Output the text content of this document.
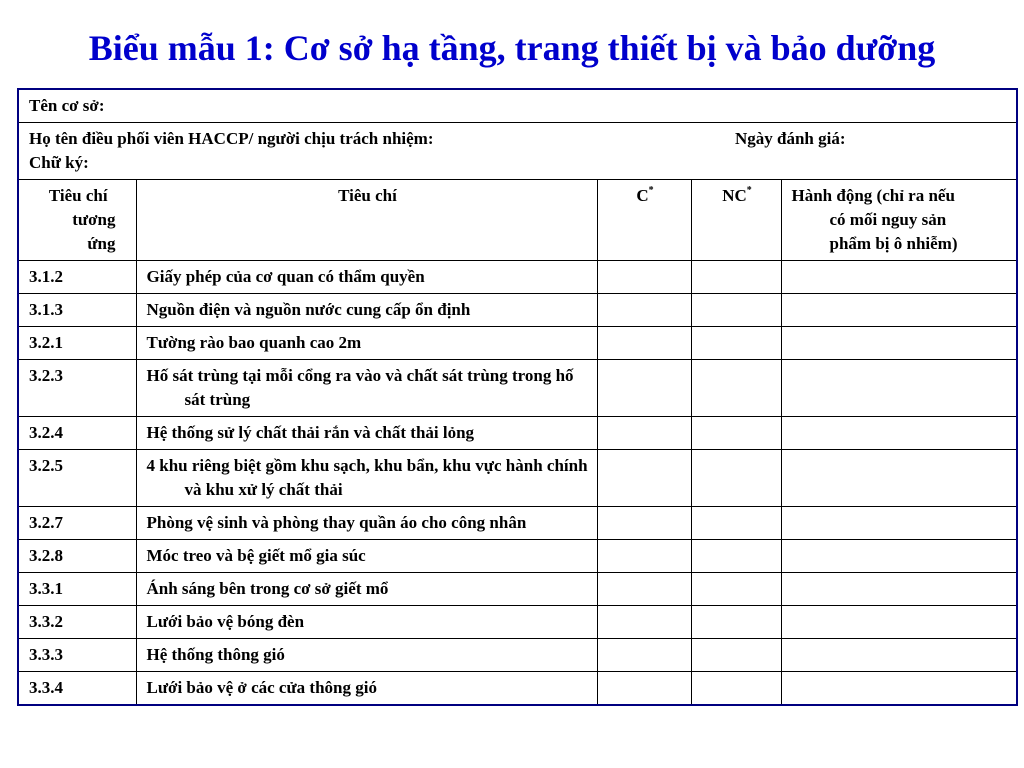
Biểu mẫu 1: Cơ sở hạ tầng, trang thiết bị và bảo dưỡng
Tên cơ sở:				

Họ tên điều phối viên HACCP/ người chịu trách nhiệm:
Chữ ký:
Ngày đánh giá:				

Tiêu chí
tương
ứng	Tiêu chí	C*	NC*	Hành động (chỉ ra nếu
có mối nguy sản
phẩm bị ô nhiễm)

3.1.2	Giấy phép của cơ quan có thẩm quyền			
3.1.3	Nguồn điện và nguồn nước cung cấp ổn định			
3.2.1	Tường rào bao quanh cao 2m			
3.2.3	Hố sát trùng tại mỗi cổng ra vào và chất sát trùng trong hố sát trùng			
3.2.4	Hệ thống sử lý chất thải rắn và chất thải lỏng			
3.2.5	4 khu riêng biệt gồm khu sạch, khu bẩn, khu vực hành chính và khu xử lý chất thải			
3.2.7	Phòng vệ sinh và phòng thay quần áo cho công nhân			
3.2.8	Móc treo và bệ giết mổ gia súc			
3.3.1	Ánh sáng bên trong cơ sở giết mổ			
3.3.2	Lưới bảo vệ bóng đèn			
3.3.3	Hệ thống thông gió			
3.3.4	Lưới bảo vệ ở các cửa thông gió			
